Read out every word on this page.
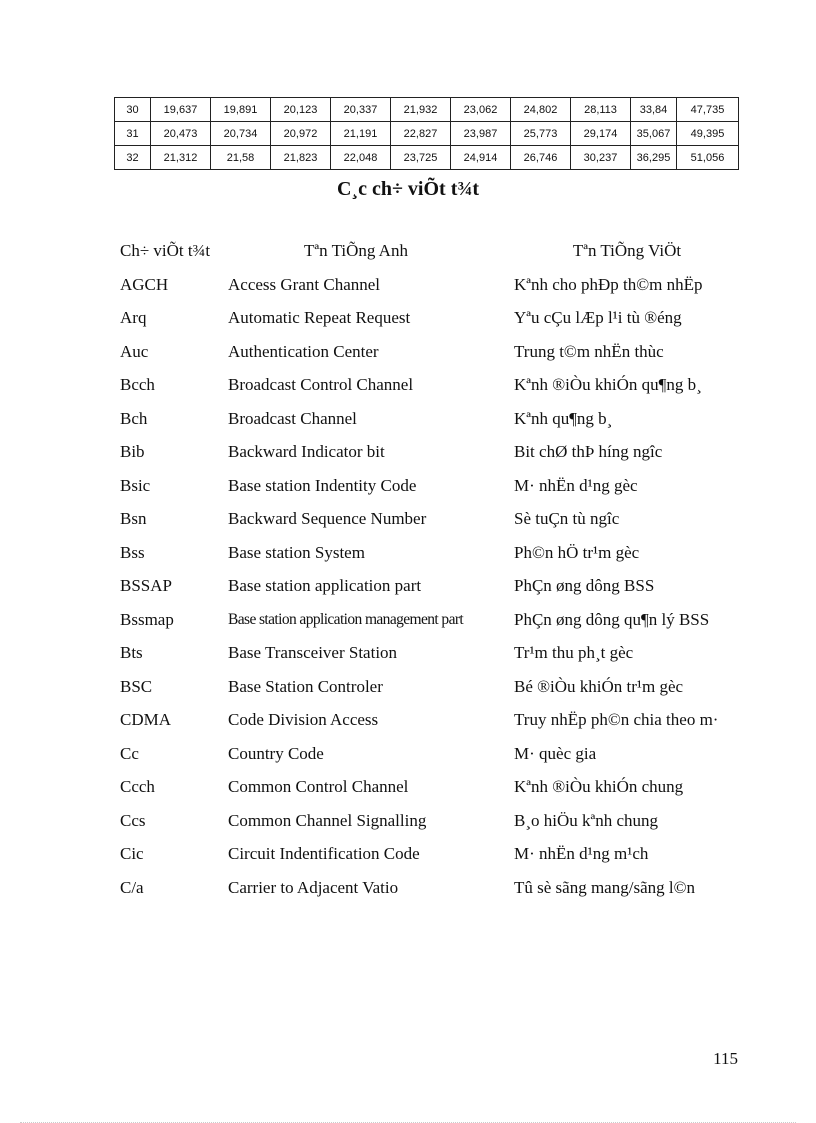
30	19,637	19,891	20,123	20,337	21,932	23,062	24,802	28,113	33,84	47,735
31	20,473	20,734	20,972	21,191	22,827	23,987	25,773	29,174	35,067	49,395
32	21,312	21,58	21,823	22,048	23,725	24,914	26,746	30,237	36,295	51,056
C¸c ch÷ viÕt t¾t
Ch÷ viÕt t¾t	Tªn TiÕng Anh	Tªn TiÕng ViÖt
AGCH	Access Grant Channel	Kªnh cho phÐp th©m nhËp
Arq	Automatic Repeat Request	Yªu cÇu lÆp l¹i tù ®éng
Auc	Authentication Center	Trung t©m nhËn thùc
Bcch	Broadcast Control Channel	Kªnh ®iÒu khiÓn qu¶ng b¸
Bch	Broadcast Channel	Kªnh qu¶ng b¸
Bib	Backward Indicator bit	Bit chØ thÞ híng ngîc
Bsic	Base station Indentity Code	M· nhËn d¹ng gèc
Bsn	Backward Sequence Number	Sè tuÇn tù ngîc
Bss	Base station System	Ph©n hÖ tr¹m gèc
BSSAP	Base station application part	PhÇn øng dông BSS
Bssmap	Base station application management part	PhÇn øng dông qu¶n lý BSS
Bts	Base Transceiver Station	Tr¹m thu ph¸t gèc
BSC	Base Station Controler	Bé ®iÒu khiÓn tr¹m gèc
CDMA	Code Division Access	Truy nhËp ph©n chia theo m·
Cc	Country Code	M· quèc gia
Ccch	Common Control Channel	Kªnh ®iÒu khiÓn chung
Ccs	Common Channel Signalling	B¸o hiÖu kªnh chung
Cic	Circuit Indentification Code	M· nhËn d¹ng m¹ch
C/a	Carrier to Adjacent Vatio	Tû sè sãng mang/sãng l©n
115
